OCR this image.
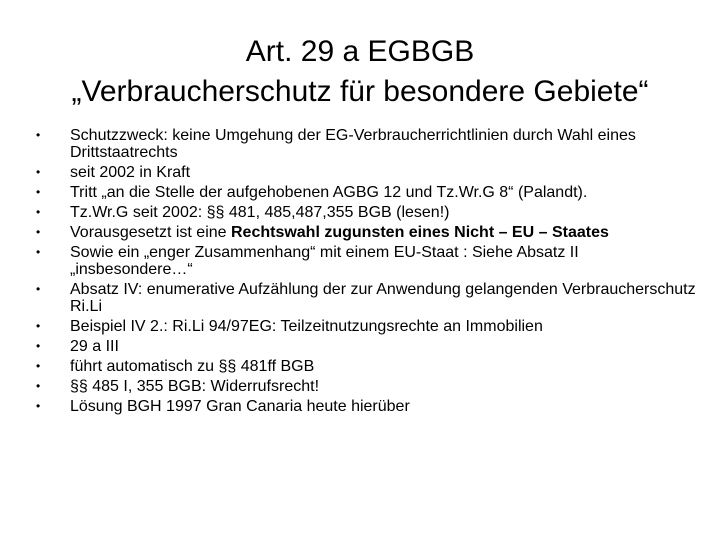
Art. 29 a EGBGB
„Verbraucherschutz für besondere Gebiete“
• Schutzzweck: keine Umgehung der EG-Verbraucherrichtlinien durch Wahl eines Drittstaatrechts
• seit 2002 in Kraft
• Tritt „an die Stelle der aufgehobenen AGBG 12 und Tz.Wr.G 8“ (Palandt).
• Tz.Wr.G seit 2002: §§ 481, 485,487,355 BGB (lesen!)
• Vorausgesetzt ist eine Rechtswahl zugunsten eines Nicht – EU – Staates
• Sowie ein „enger Zusammenhang“ mit einem EU-Staat : Siehe Absatz II „insbesondere…“
• Absatz IV: enumerative Aufzählung der zur Anwendung gelangenden Verbraucherschutz Ri.Li
• Beispiel IV 2.: Ri.Li 94/97EG: Teilzeitnutzungsrechte an Immobilien
• 29 a III
• führt automatisch zu §§ 481ff BGB
• §§ 485 I, 355 BGB: Widerrufsrecht!
• Lösung BGH 1997 Gran Canaria heute hierüber
